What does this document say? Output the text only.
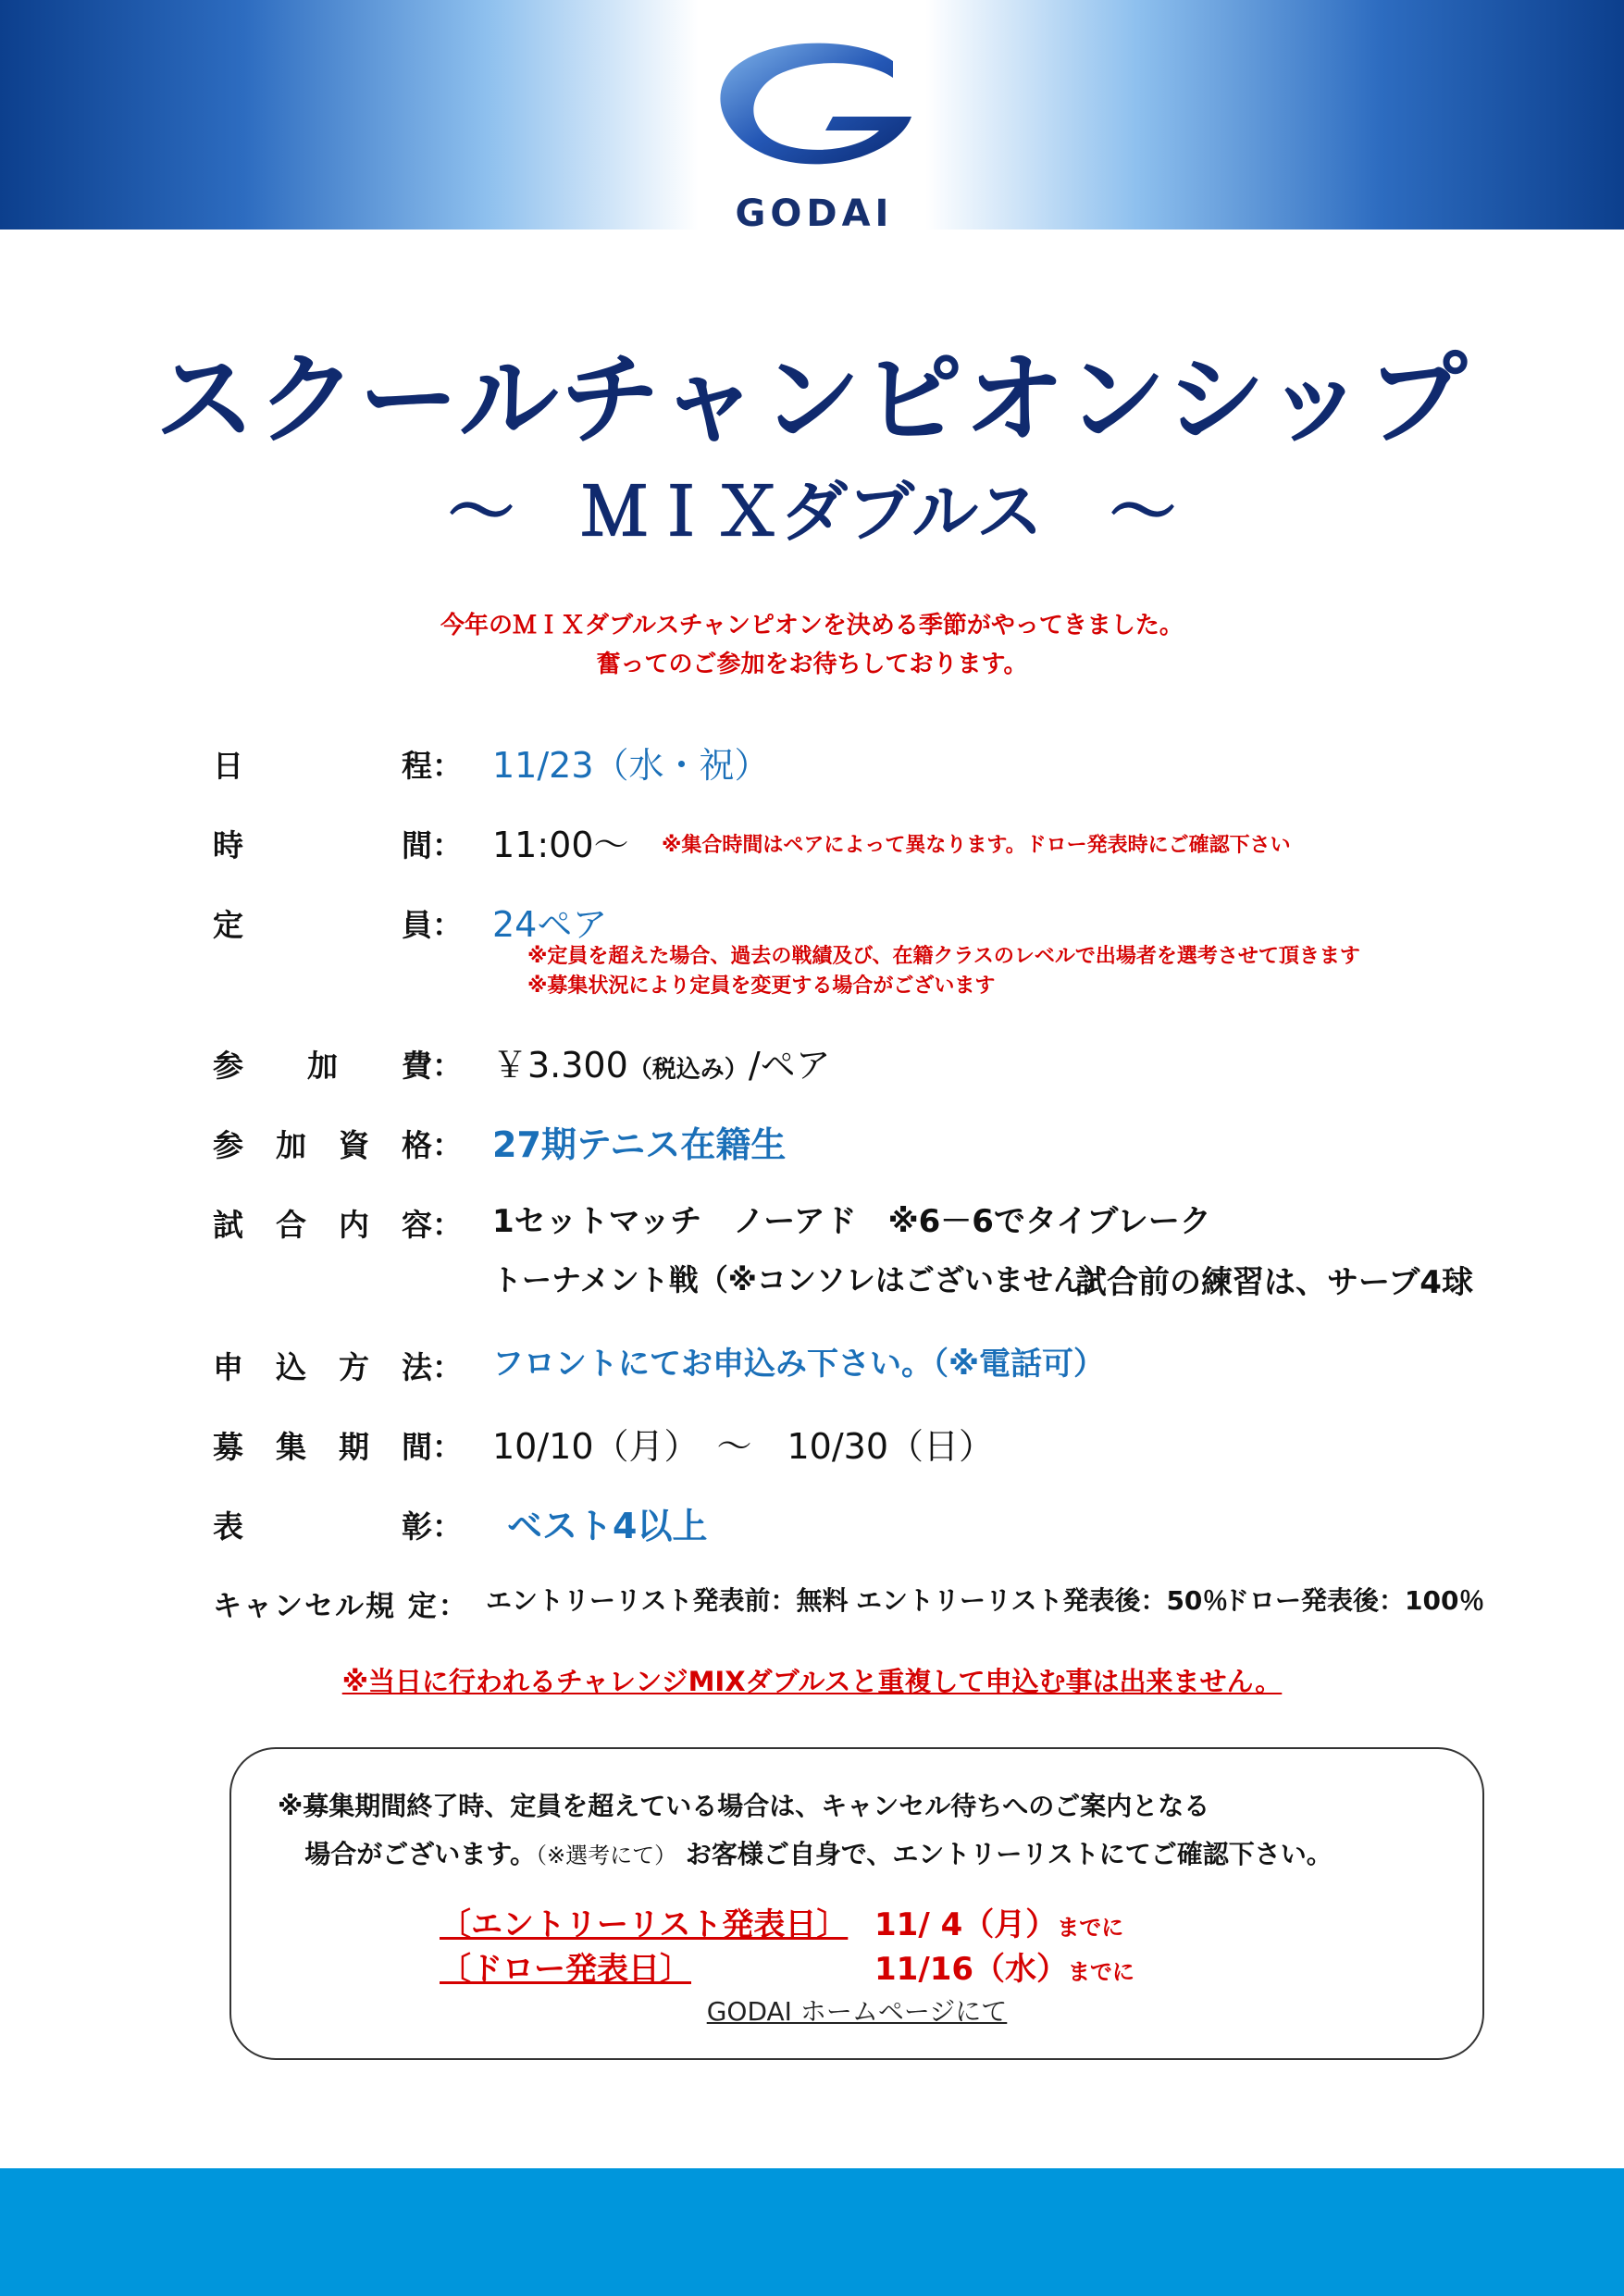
GODAI
スクールチャンピオンシップ
～　ＭＩＸダブルス　～
今年のＭＩＸダブルスチャンピオンを決める季節がやってきました。
奮ってのご参加をお待ちしております。
日	程： 11/23（水・祝）
時	間： 11:00～ ※集合時間はペアによって異なります。ドロー発表時にご確認下さい
定	員： 24ペア
※定員を超えた場合、過去の戦績及び、在籍クラスのレベルで出場者を選考させて頂きます
※募集状況により定員を変更する場合がございます
参 加 費： ￥3.300（税込み）/ペア
参 加 資 格： 27期テニス在籍生
試 合 内 容： 1セットマッチ　ノーアド　※6－6でタイブレーク
トーナメント戦（※コンソレはございません）
試合前の練習は、サーブ4球
申 込 方 法： フロントにてお申込み下さい。（※電話可）
募 集 期 間： 10/10（月）　～　10/30（日）
表	彰： ベスト4以上
キャンセル規 定： エントリーリスト発表前：無料 エントリーリスト発表後：50％
ドロー発表後：100％
※当日に行われるチャレンジMIXダブルスと重複して申込む事は出来ません。
※募集期間終了時、定員を超えている場合は、キャンセル待ちへのご案内となる
場合がございます。（※選考にて） お客様ご自身で、エントリーリストにてご確認下さい。
〔エントリーリスト発表日〕 11/ 4（月）までに
〔ドロー発表日〕	11/16（水）までに
GODAI ホームページにて
